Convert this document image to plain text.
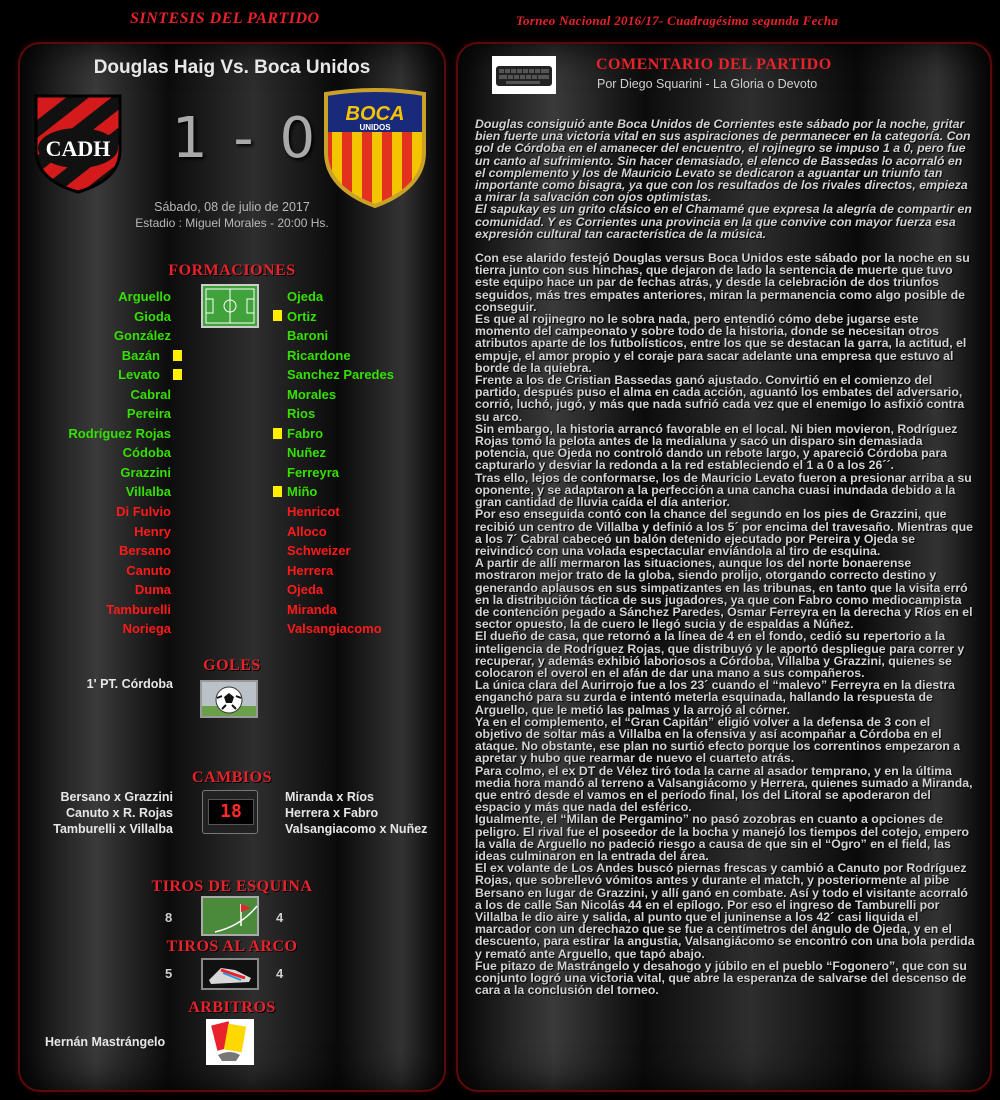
SINTESIS DEL PARTIDO	Torneo Nacional 2016/17- Cuadragésima segunda Fecha
Douglas Haig Vs. Boca Unidos
CADH 1 - 0 BOCA
UNIDOS
Sábado, 08 de julio de 2017
Estadio : Miguel Morales - 20:00 Hs.
FORMACIONES
Arguello
Gioda
González
Bazán
Levato
Cabral
Pereira
Rodríguez Rojas
Códoba
Grazzini
Villalba
Di Fulvio
Henry
Bersano
Canuto
Duma
Tamburelli
Noriega
Ojeda
Ortiz
Baroni
Ricardone
Sanchez Paredes
Morales
Rios
Fabro
Nuñez
Ferreyra
Miño
Henricot
Alloco
Schweizer
Herrera
Ojeda
Miranda
Valsangiacomo
GOLES
1' PT. Córdoba
CAMBIOS
Bersano x Grazzini
Canuto x R. Rojas
Tamburelli x Villalba
Miranda x Ríos
Herrera x Fabro
Valsangiacomo x Nuñez
18
TIROS DE ESQUINA
8	4
TIROS AL ARCO
5	4
ARBITROS
Hernán Mastrángelo
COMENTARIO DEL PARTIDO
Por Diego Squarini - La Gloria o Devoto

Douglas consiguió ante Boca Unidos de Corrientes este sábado por la noche, gritar bien fuerte una victoria vital en sus aspiraciones de permanecer en la categoría. Con gol de Córdoba en el amanecer del encuentro, el rojinegro se impuso 1 a 0, pero fue un canto al sufrimiento. Sin hacer demasiado, el elenco de Bassedas lo acorraló en el complemento y los de Mauricio Levato se dedicaron a aguantar un triunfo tan importante como bisagra, ya que con los resultados de los rivales directos, empieza a mirar la salvación con ojos optimistas.

El sapukay es un grito clásico en el Chamamé que expresa la alegría de compartir en comunidad. Y es Corrientes una provincia en la que convive con mayor fuerza esa expresión cultural tan característica de la música.

Con ese alarido festejó Douglas versus Boca Unidos este sábado por la noche en su tierra junto con sus hinchas, que dejaron de lado la sentencia de muerte que tuvo este equipo hace un par de fechas atrás, y desde la celebración de dos triunfos seguidos, más tres empates anteriores, miran la permanencia como algo posible de conseguir.

Es que al rojinegro no le sobra nada, pero entendió cómo debe jugarse este momento del campeonato y sobre todo de la historia, donde se necesitan otros atributos aparte de los futbolísticos, entre los que se destacan la garra, la actitud, el empuje, el amor propio y el coraje para sacar adelante una empresa que estuvo al borde de la quiebra.

Frente a los de Cristian Bassedas ganó ajustado. Convirtió en el comienzo del partido, después puso el alma en cada acción, aguantó los embates del adversario, corrió, luchó, jugó, y más que nada sufrió cada vez que el enemigo lo asfixió contra su arco.

Sin embargo, la historia arrancó favorable en el local. Ni bien movieron, Rodríguez Rojas tomó la pelota antes de la medialuna y sacó un disparo sin demasiada potencia, que Ojeda no controló dando un rebote largo, y apareció Córdoba para capturarlo y desviar la redonda a la red estableciendo el 1 a 0 a los 26´´.

Tras ello, lejos de conformarse, los de Mauricio Levato fueron a presionar arriba a su oponente, y se adaptaron a la perfección a una cancha cuasi inundada debido a la gran cantidad de lluvia caída el día anterior.

Por eso enseguida contó con la chance del segundo en los pies de Grazzini, que recibió un centro de Villalba y definió a los 5´ por encima del travesaño. Mientras que a los 7´ Cabral cabeceó un balón detenido ejecutado por Pereira y Ojeda se reivindicó con una volada espectacular enviándola al tiro de esquina.

A partir de allí mermaron las situaciones, aunque los del norte bonaerense mostraron mejor trato de la globa, siendo prolijo, otorgando correcto destino y generando aplausos en sus simpatizantes en las tribunas, en tanto que la visita erró en la distribución táctica de sus jugadores, ya que con Fabro como mediocampista de contención pegado a Sánchez Paredes, Osmar Ferreyra en la derecha y Ríos en el sector opuesto, la de cuero le llegó sucia y de espaldas a Núñez.

El dueño de casa, que retornó a la línea de 4 en el fondo, cedió su repertorio a la inteligencia de Rodríguez Rojas, que distribuyó y le aportó despliegue para correr y recuperar, y además exhibió laboriosos a Córdoba, Villalba y Grazzini, quienes se colocaron el overol en el afán de dar una mano a sus compañeros.

La única clara del Aurirrojo fue a los 23´ cuando el “malevo” Ferreyra en la diestra enganchó para su zurda e intentó meterla esquinada, hallando la respuesta de Arguello, que le metió las palmas y la arrojó al córner.

Ya en el complemento, el “Gran Capitán” eligió volver a la defensa de 3 con el objetivo de soltar más a Villalba en la ofensiva y así acompañar a Córdoba en el ataque. No obstante, ese plan no surtió efecto porque los correntinos empezaron a apretar y hubo que rearmar de nuevo el cuarteto atrás.

Para colmo, el ex DT de Vélez tiró toda la carne al asador temprano, y en la última media hora mandó al terreno a Valsangiácomo y Herrera, quienes sumado a Miranda, que entró desde el vamos en el período final, los del Litoral se apoderaron del espacio y más que nada del esférico.

Igualmente, el “Milan de Pergamino” no pasó zozobras en cuanto a opciones de peligro. El rival fue el poseedor de la bocha y manejó los tiempos del cotejo, empero la valla de Arguello no padeció riesgo a causa de que sin el “Ogro” en el field, las ideas culminaron en la entrada del área.

El ex volante de Los Andes buscó piernas frescas y cambió a Canuto por Rodríguez Rojas, que sobrellevó vómitos antes y durante el match, y posteriormente al pibe Bersano en lugar de Grazzini, y allí ganó en combate. Así y todo el visitante acorraló a los de calle San Nicolás 44 en el epílogo. Por eso el ingreso de Tamburelli por Villalba le dio aire y salida, al punto que el juninense a los 42´ casi liquida el marcador con un derechazo que se fue a centímetros del ángulo de Ojeda, y en el descuento, para estirar la angustia, Valsangiácomo se encontró con una bola perdida y remató ante Arguello, que tapó abajo.

Fue pitazo de Mastrángelo y desahogo y júbilo en el pueblo “Fogonero”, que con su conjunto logró una victoria vital, que abre la esperanza de salvarse del descenso de cara a la conclusión del torneo.
